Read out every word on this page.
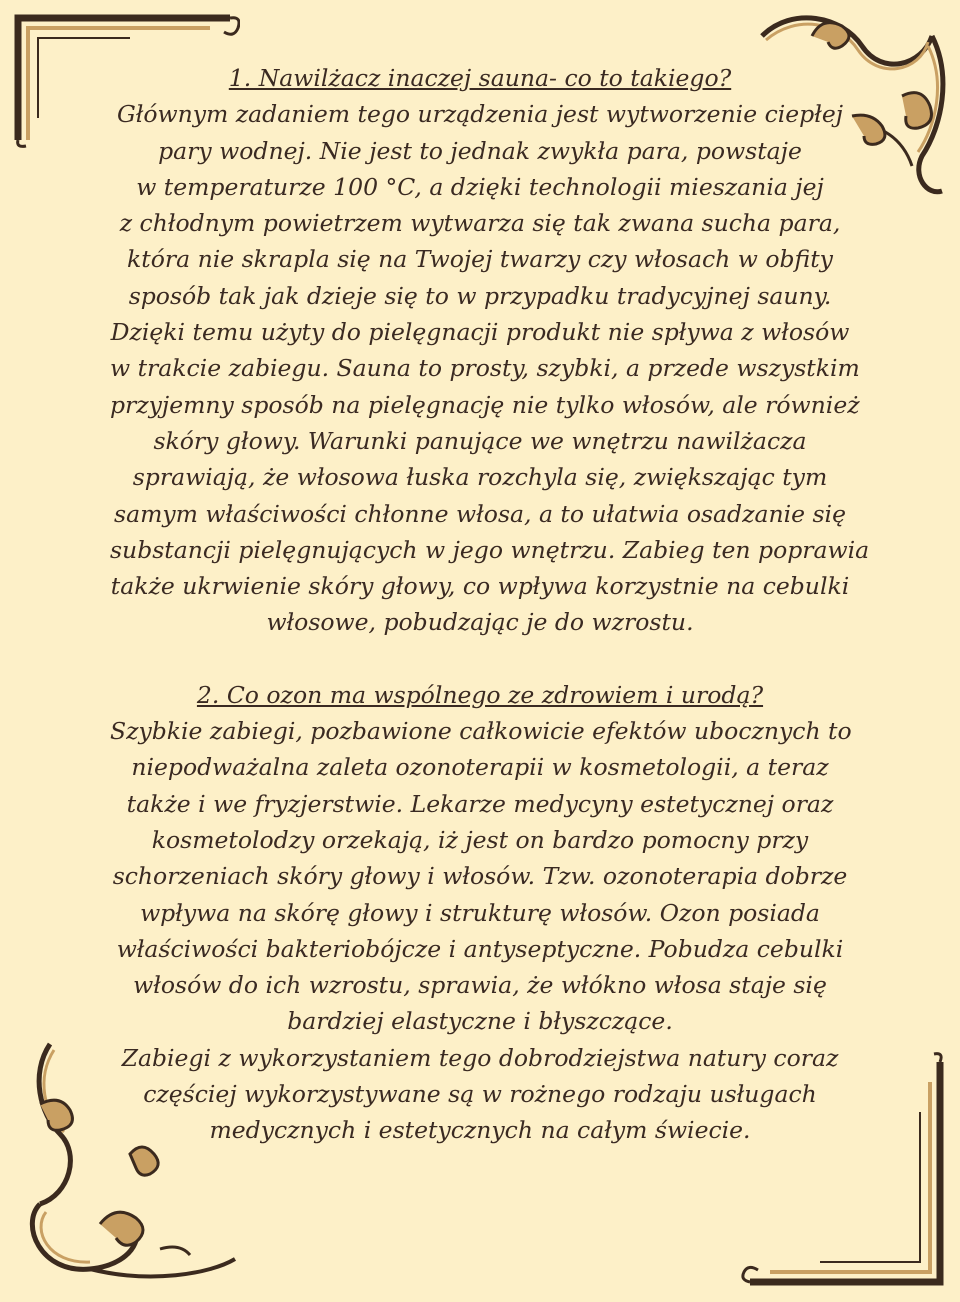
1. Nawilżacz inaczej sauna- co to takiego?
Głównym zadaniem tego urządzenia jest wytworzenie ciepłej
pary wodnej. Nie jest to jednak zwykła para, powstaje
w temperaturze 100 °C, a dzięki technologii mieszania jej
z chłodnym powietrzem wytwarza się tak zwana sucha para,
która nie skrapla się na Twojej twarzy czy włosach w obfity
sposób tak jak dzieje się to w przypadku tradycyjnej sauny.
Dzięki temu użyty do pielęgnacji produkt nie spływa z włosów
w trakcie zabiegu. Sauna to prosty, szybki, a przede wszystkim
przyjemny sposób na pielęgnację nie tylko włosów, ale również
skóry głowy. Warunki panujące we wnętrzu nawilżacza
sprawiają, że włosowa łuska rozchyla się, zwiększając tym
samym właściwości chłonne włosa, a to ułatwia osadzanie się
substancji pielęgnujących w jego wnętrzu. Zabieg ten poprawia
także ukrwienie skóry głowy, co wpływa korzystnie na cebulki
włosowe, pobudzając je do wzrostu.
2. Co ozon ma wspólnego ze zdrowiem i urodą?
Szybkie zabiegi, pozbawione całkowicie efektów ubocznych to
niepodważalna zaleta ozonoterapii w kosmetologii, a teraz
także i we fryzjerstwie. Lekarze medycyny estetycznej oraz
kosmetolodzy orzekają, iż jest on bardzo pomocny przy
schorzeniach skóry głowy i włosów. Tzw. ozonoterapia dobrze
wpływa na skórę głowy i strukturę włosów. Ozon posiada
właściwości bakteriobójcze i antyseptyczne. Pobudza cebulki
włosów do ich wzrostu, sprawia, że włókno włosa staje się
bardziej elastyczne i błyszczące.
Zabiegi z wykorzystaniem tego dobrodziejstwa natury coraz
częściej wykorzystywane są w rożnego rodzaju usługach
medycznych i estetycznych na całym świecie.
